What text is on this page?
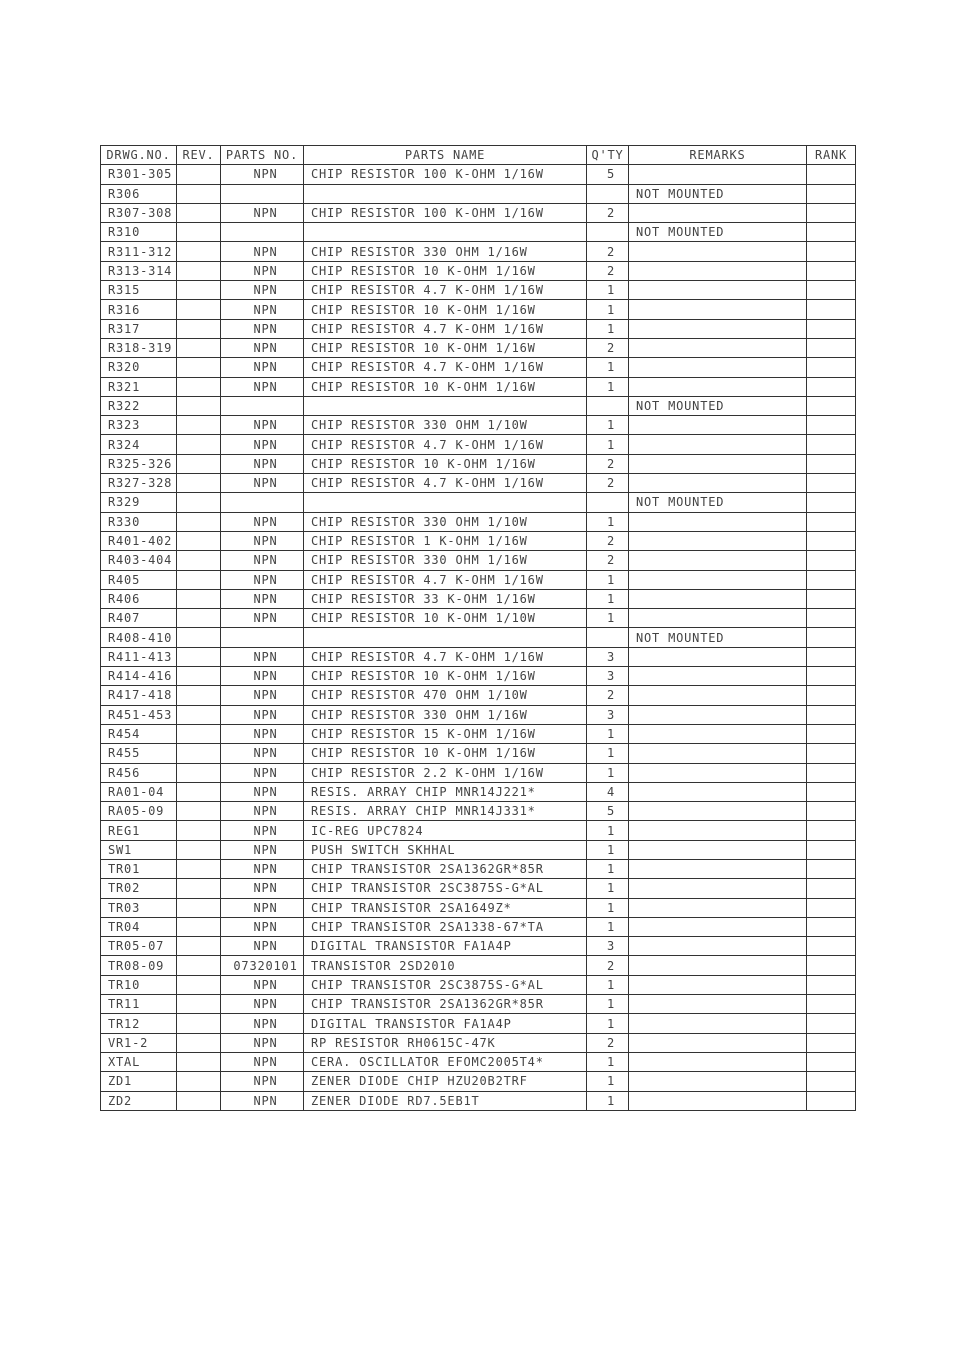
DRWG.NO.	REV.	PARTS NO.	PARTS NAME	Q'TY	REMARKS	RANK
R301-305		NPN	CHIP RESISTOR 100 K-OHM 1/16W	5		
R306					NOT MOUNTED	
R307-308		NPN	CHIP RESISTOR 100 K-OHM 1/16W	2		
R310					NOT MOUNTED	
R311-312		NPN	CHIP RESISTOR 330 OHM 1/16W	2		
R313-314		NPN	CHIP RESISTOR 10 K-OHM 1/16W	2		
R315		NPN	CHIP RESISTOR 4.7 K-OHM 1/16W	1		
R316		NPN	CHIP RESISTOR 10 K-OHM 1/16W	1		
R317		NPN	CHIP RESISTOR 4.7 K-OHM 1/16W	1		
R318-319		NPN	CHIP RESISTOR 10 K-OHM 1/16W	2		
R320		NPN	CHIP RESISTOR 4.7 K-OHM 1/16W	1		
R321		NPN	CHIP RESISTOR 10 K-OHM 1/16W	1		
R322					NOT MOUNTED	
R323		NPN	CHIP RESISTOR 330 OHM 1/10W	1		
R324		NPN	CHIP RESISTOR 4.7 K-OHM 1/16W	1		
R325-326		NPN	CHIP RESISTOR 10 K-OHM 1/16W	2		
R327-328		NPN	CHIP RESISTOR 4.7 K-OHM 1/16W	2		
R329					NOT MOUNTED	
R330		NPN	CHIP RESISTOR 330 OHM 1/10W	1		
R401-402		NPN	CHIP RESISTOR 1 K-OHM 1/16W	2		
R403-404		NPN	CHIP RESISTOR 330 OHM 1/16W	2		
R405		NPN	CHIP RESISTOR 4.7 K-OHM 1/16W	1		
R406		NPN	CHIP RESISTOR 33 K-OHM 1/16W	1		
R407		NPN	CHIP RESISTOR 10 K-OHM 1/10W	1		
R408-410					NOT MOUNTED	
R411-413		NPN	CHIP RESISTOR 4.7 K-OHM 1/16W	3		
R414-416		NPN	CHIP RESISTOR 10 K-OHM 1/16W	3		
R417-418		NPN	CHIP RESISTOR 470 OHM 1/10W	2		
R451-453		NPN	CHIP RESISTOR 330 OHM 1/16W	3		
R454		NPN	CHIP RESISTOR 15 K-OHM 1/16W	1		
R455		NPN	CHIP RESISTOR 10 K-OHM 1/16W	1		
R456		NPN	CHIP RESISTOR 2.2 K-OHM 1/16W	1		
RA01-04		NPN	RESIS. ARRAY CHIP MNR14J221*	4		
RA05-09		NPN	RESIS. ARRAY CHIP MNR14J331*	5		
REG1		NPN	IC-REG UPC7824	1		
SW1		NPN	PUSH SWITCH SKHHAL	1		
TR01		NPN	CHIP TRANSISTOR 2SA1362GR*85R	1		
TR02		NPN	CHIP TRANSISTOR 2SC3875S-G*AL	1		
TR03		NPN	CHIP TRANSISTOR 2SA1649Z*	1		
TR04		NPN	CHIP TRANSISTOR 2SA1338-67*TA	1		
TR05-07		NPN	DIGITAL TRANSISTOR FA1A4P	3		
TR08-09		07320101	TRANSISTOR 2SD2010	2		
TR10		NPN	CHIP TRANSISTOR 2SC3875S-G*AL	1		
TR11		NPN	CHIP TRANSISTOR 2SA1362GR*85R	1		
TR12		NPN	DIGITAL TRANSISTOR FA1A4P	1		
VR1-2		NPN	RP RESISTOR RH0615C-47K	2		
XTAL		NPN	CERA. OSCILLATOR EFOMC2005T4*	1		
ZD1		NPN	ZENER DIODE CHIP HZU20B2TRF	1		
ZD2		NPN	ZENER DIODE RD7.5EB1T	1		
